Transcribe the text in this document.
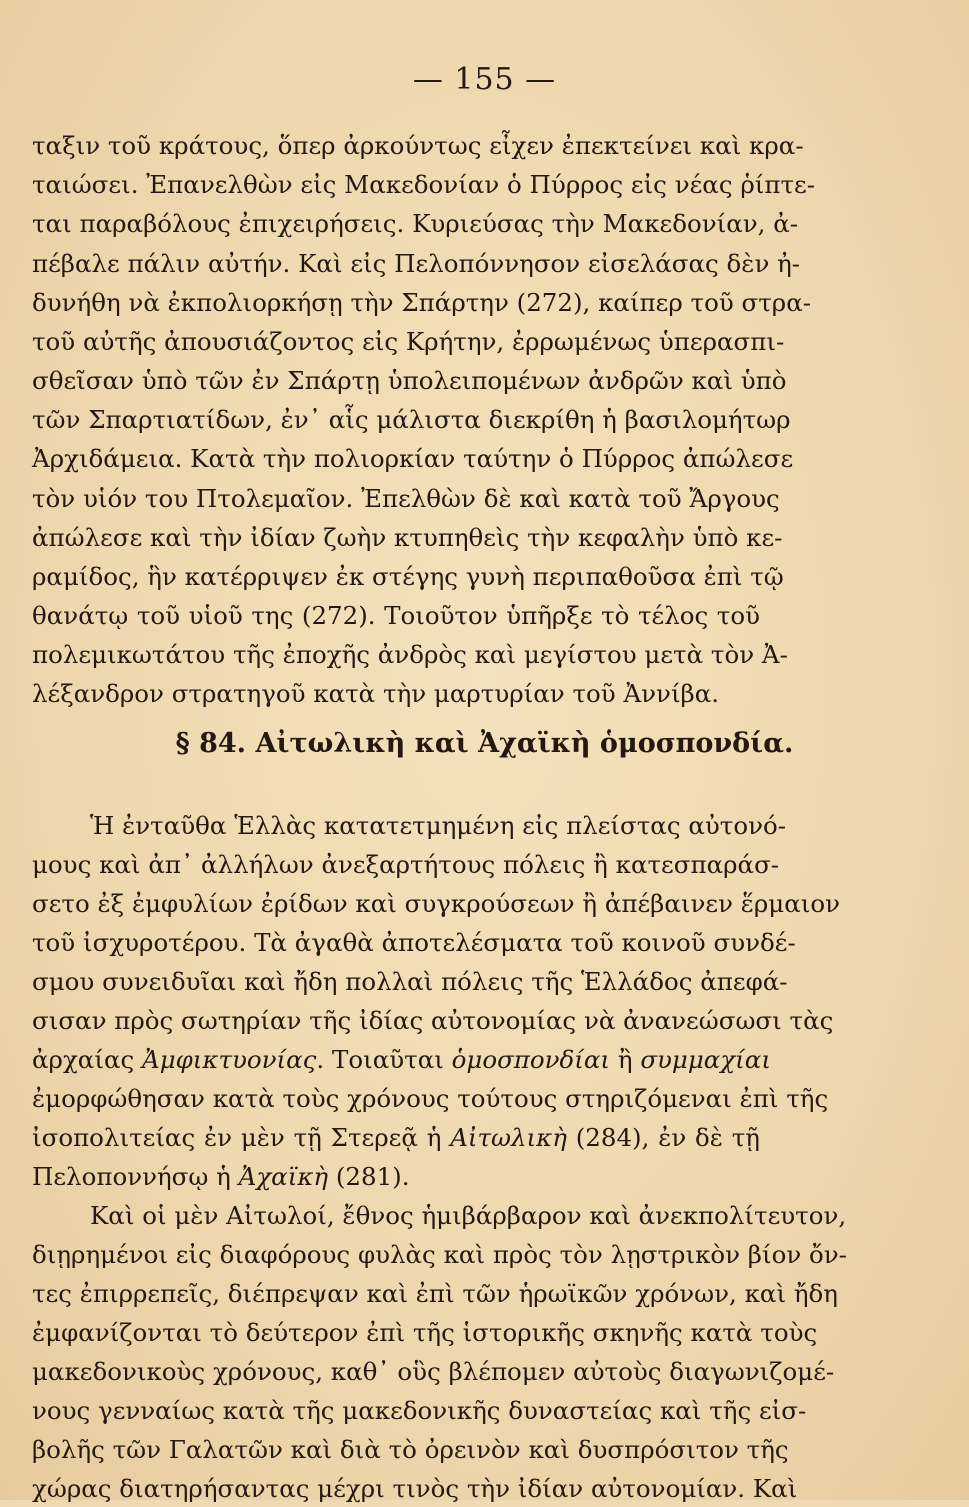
— 155 —
ταξιν τοῦ κράτους, ὅπερ ἀρκούντως εἶχεν ἐπεκτείνει καὶ κρα-
ταιώσει. Ἐπανελθὼν εἰς Μακεδονίαν ὁ Πύρρος εἰς νέας ῥίπτε-
ται παραβόλους ἐπιχειρήσεις. Κυριεύσας τὴν Μακεδονίαν, ἀ-
πέβαλε πάλιν αὐτήν. Καὶ εἰς Πελοπόννησον εἰσελάσας δὲν ἠ-
δυνήθη νὰ ἐκπολιορκήσῃ τὴν Σπάρτην (272), καίπερ τοῦ στρα-
τοῦ αὐτῆς ἀπουσιάζοντος εἰς Κρήτην, ἐρρωμένως ὑπερασπι-
σθεῖσαν ὑπὸ τῶν ἐν Σπάρτῃ ὑπολειπομένων ἀνδρῶν καὶ ὑπὸ
τῶν Σπαρτιατίδων, ἐν᾿ αἷς μάλιστα διεκρίθη ἡ βασιλομήτωρ
Ἀρχιδάμεια. Κατὰ τὴν πολιορκίαν ταύτην ὁ Πύρρος ἀπώλεσε
τὸν υἱόν του Πτολεμαῖον. Ἐπελθὼν δὲ καὶ κατὰ τοῦ Ἄργους
ἀπώλεσε καὶ τὴν ἰδίαν ζωὴν κτυπηθεὶς τὴν κεφαλὴν ὑπὸ κε-
ραμίδος, ἣν κατέρριψεν ἐκ στέγης γυνὴ περιπαθοῦσα ἐπὶ τῷ
θανάτῳ τοῦ υἱοῦ της (272). Τοιοῦτον ὑπῆρξε τὸ τέλος τοῦ
πολεμικωτάτου τῆς ἐποχῆς ἀνδρὸς καὶ μεγίστου μετὰ τὸν Ἀ-
λέξανδρον στρατηγοῦ κατὰ τὴν μαρτυρίαν τοῦ Ἀννίβα.
§ 84. Αἰτωλικὴ καὶ Ἀχαϊκὴ ὁμοσπονδία.
Ἡ ἐνταῦθα Ἑλλὰς κατατετμημένη εἰς πλείστας αὐτονό-
μους καὶ ἀπ᾿ ἀλλήλων ἀνεξαρτήτους πόλεις ἢ κατεσπαράσ-
σετο ἐξ ἐμφυλίων ἐρίδων καὶ συγκρούσεων ἢ ἀπέβαινεν ἕρμαιον
τοῦ ἰσχυροτέρου. Τὰ ἀγαθὰ ἀποτελέσματα τοῦ κοινοῦ συνδέ-
σμου συνειδυῖαι καὶ ἤδη πολλαὶ πόλεις τῆς Ἑλλάδος ἀπεφά-
σισαν πρὸς σωτηρίαν τῆς ἰδίας αὐτονομίας νὰ ἀνανεώσωσι τὰς
ἀρχαίας Ἀμφικτυονίας. Τοιαῦται ὁμοσπονδίαι ἢ συμμαχίαι
ἐμορφώθησαν κατὰ τοὺς χρόνους τούτους στηριζόμεναι ἐπὶ τῆς
ἰσοπολιτείας ἐν μὲν τῇ Στερεᾷ ἡ Αἰτωλικὴ (284), ἐν δὲ τῇ
Πελοποννήσῳ ἡ Ἀχαϊκὴ (281).
Καὶ οἱ μὲν Αἰτωλοί, ἔθνος ἡμιβάρβαρον καὶ ἀνεκπολίτευτον,
διῃρημένοι εἰς διαφόρους φυλὰς καὶ πρὸς τὸν λῃστρικὸν βίον ὄν-
τες ἐπιρρεπεῖς, διέπρεψαν καὶ ἐπὶ τῶν ἡρωϊκῶν χρόνων, καὶ ἤδη
ἐμφανίζονται τὸ δεύτερον ἐπὶ τῆς ἱστορικῆς σκηνῆς κατὰ τοὺς
μακεδονικοὺς χρόνους, καθ᾿ οὓς βλέπομεν αὐτοὺς διαγωνιζομέ-
νους γενναίως κατὰ τῆς μακεδονικῆς δυναστείας καὶ τῆς εἰσ-
βολῆς τῶν Γαλατῶν καὶ διὰ τὸ ὀρεινὸν καὶ δυσπρόσιτον τῆς
χώρας διατηρήσαντας μέχρι τινὸς τὴν ἰδίαν αὐτονομίαν. Καὶ
